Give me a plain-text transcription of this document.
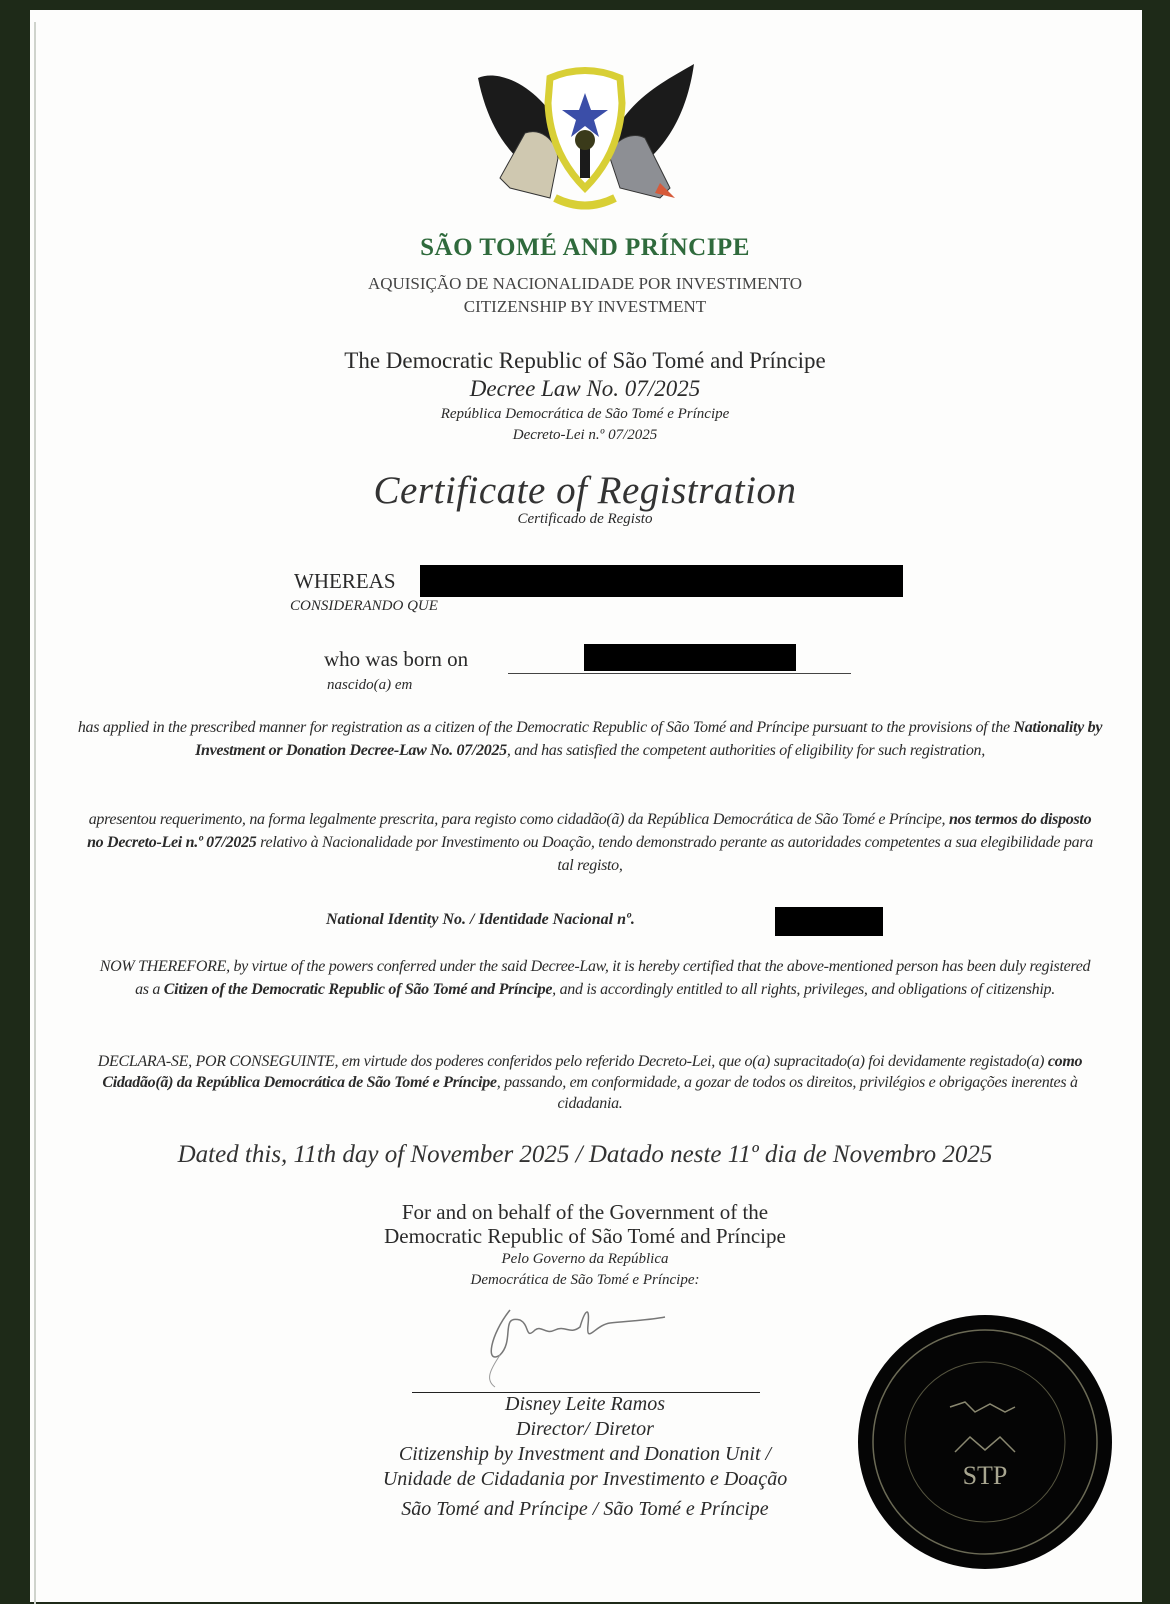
SÃO TOMÉ AND PRÍNCIPE
AQUISIÇÃO DE NACIONALIDADE POR INVESTIMENTO
CITIZENSHIP BY INVESTMENT
The Democratic Republic of São Tomé and Príncipe
Decree Law No. 07/2025
República Democrática de São Tomé e Príncipe
Decreto-Lei n.º 07/2025
Certificate of Registration
Certificado de Registo
WHEREAS
CONSIDERANDO QUE
who was born on
nascido(a) em
has applied in the prescribed manner for registration as a citizen of the Democratic Republic of São Tomé and Príncipe pursuant to the provisions of the Nationality by Investment or Donation Decree-Law No. 07/2025, and has satisfied the competent authorities of eligibility for such registration,
apresentou requerimento, na forma legalmente prescrita, para registo como cidadão(ã) da República Democrática de São Tomé e Príncipe, nos termos do disposto no Decreto-Lei n.º 07/2025 relativo à Nacionalidade por Investimento ou Doação, tendo demonstrado perante as autoridades competentes a sua elegibilidade para tal registo,
National Identity No. / Identidade Nacional nº.
NOW THEREFORE, by virtue of the powers conferred under the said Decree-Law, it is hereby certified that the above-mentioned person has been duly registered as a Citizen of the Democratic Republic of São Tomé and Príncipe, and is accordingly entitled to all rights, privileges, and obligations of citizenship.
DECLARA-SE, POR CONSEGUINTE, em virtude dos poderes conferidos pelo referido Decreto-Lei, que o(a) supracitado(a) foi devidamente registado(a) como Cidadão(ã) da República Democrática de São Tomé e Príncipe, passando, em conformidade, a gozar de todos os direitos, privilégios e obrigações inerentes à cidadania.
Dated this, 11th day of November 2025 / Datado neste 11º dia de Novembro 2025
For and on behalf of the Government of the
Democratic Republic of São Tomé and Príncipe
Pelo Governo da República
Democrática de São Tomé e Príncipe:
Disney Leite Ramos
Director/ Diretor
Citizenship by Investment and Donation Unit /
Unidade de Cidadania por Investimento e Doação
São Tomé and Príncipe / São Tomé e Príncipe
STP
